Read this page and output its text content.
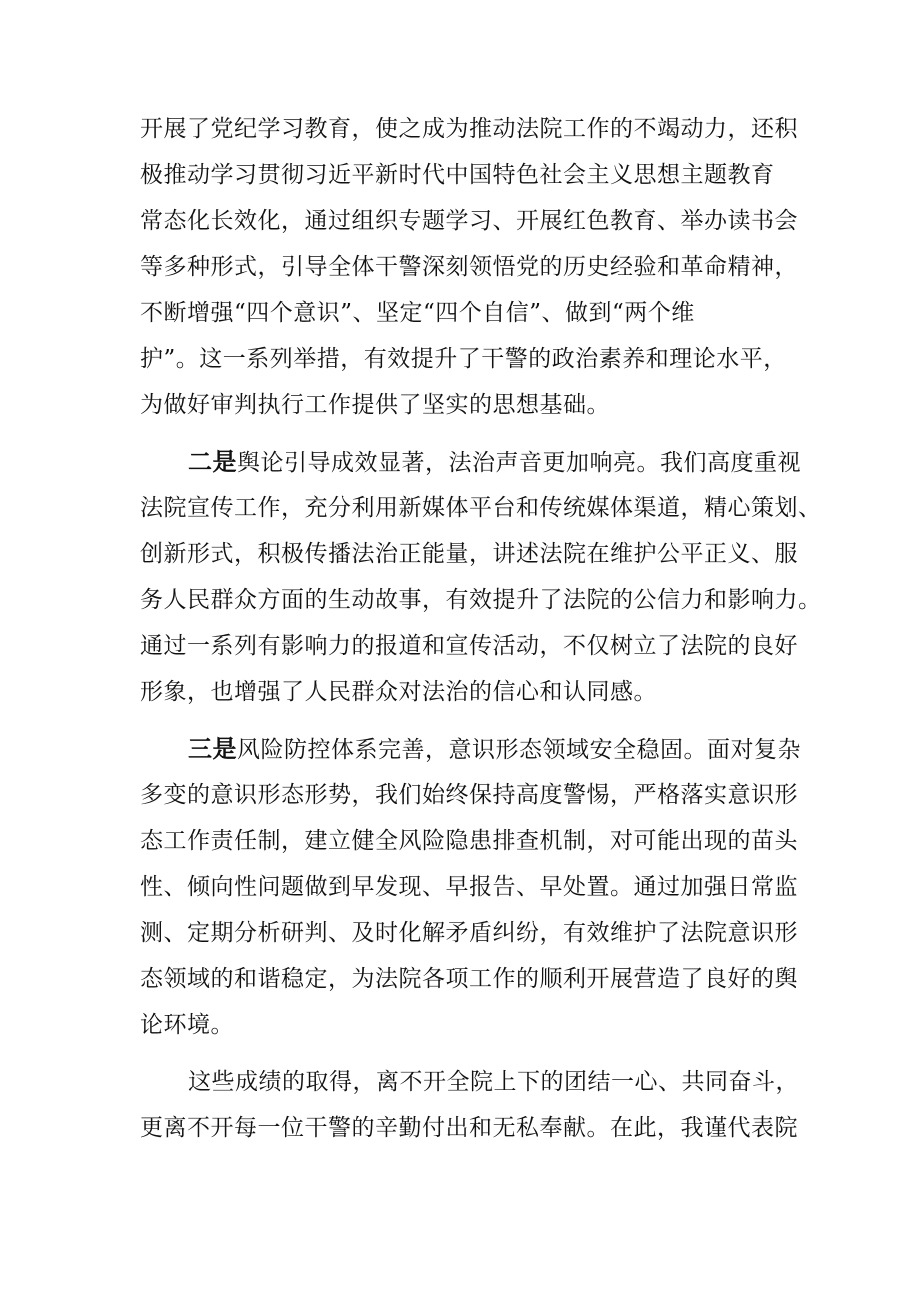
开展了党纪学习教育，使之成为推动法院工作的不竭动力，还积
极推动学习贯彻习近平新时代中国特色社会主义思想主题教育
常态化长效化，通过组织专题学习、开展红色教育、举办读书会
等多种形式，引导全体干警深刻领悟党的历史经验和革命精神，
不断增强“四个意识”、坚定“四个自信”、做到“两个维
护”。这一系列举措，有效提升了干警的政治素养和理论水平，
为做好审判执行工作提供了坚实的思想基础。
二是舆论引导成效显著，法治声音更加响亮。我们高度重视
法院宣传工作，充分利用新媒体平台和传统媒体渠道，精心策划、
创新形式，积极传播法治正能量，讲述法院在维护公平正义、服
务人民群众方面的生动故事，有效提升了法院的公信力和影响力。
通过一系列有影响力的报道和宣传活动，不仅树立了法院的良好
形象，也增强了人民群众对法治的信心和认同感。
三是风险防控体系完善，意识形态领域安全稳固。面对复杂
多变的意识形态形势，我们始终保持高度警惕，严格落实意识形
态工作责任制，建立健全风险隐患排查机制，对可能出现的苗头
性、倾向性问题做到早发现、早报告、早处置。通过加强日常监
测、定期分析研判、及时化解矛盾纠纷，有效维护了法院意识形
态领域的和谐稳定，为法院各项工作的顺利开展营造了良好的舆
论环境。
这些成绩的取得，离不开全院上下的团结一心、共同奋斗，
更离不开每一位干警的辛勤付出和无私奉献。在此，我谨代表院
